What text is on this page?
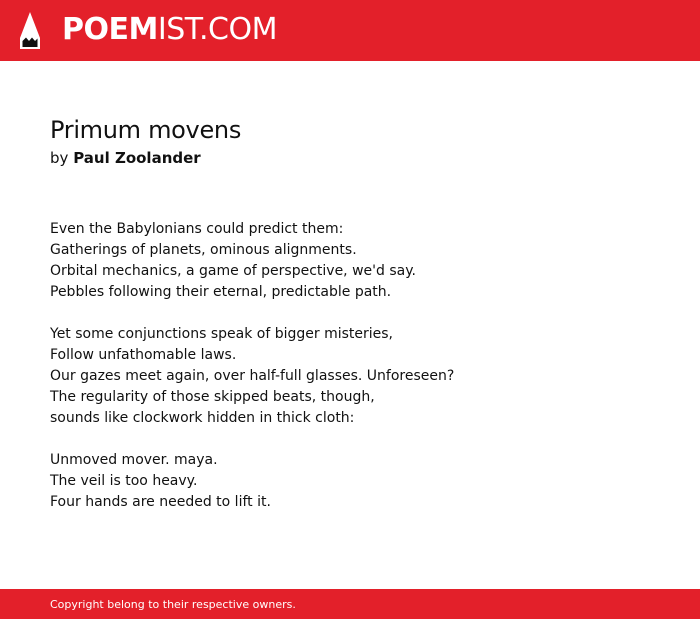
POEMIST.COM
Primum movens
by Paul Zoolander
Even the Babylonians could predict them:
Gatherings of planets, ominous alignments.
Orbital mechanics, a game of perspective, we'd say.
Pebbles following their eternal, predictable path.
Yet some conjunctions speak of bigger misteries,
Follow unfathomable laws.
Our gazes meet again, over half-full glasses. Unforeseen?
The regularity of those skipped beats, though,
sounds like clockwork hidden in thick cloth:
Unmoved mover. maya.
The veil is too heavy.
Four hands are needed to lift it.
Copyright belong to their respective owners.
